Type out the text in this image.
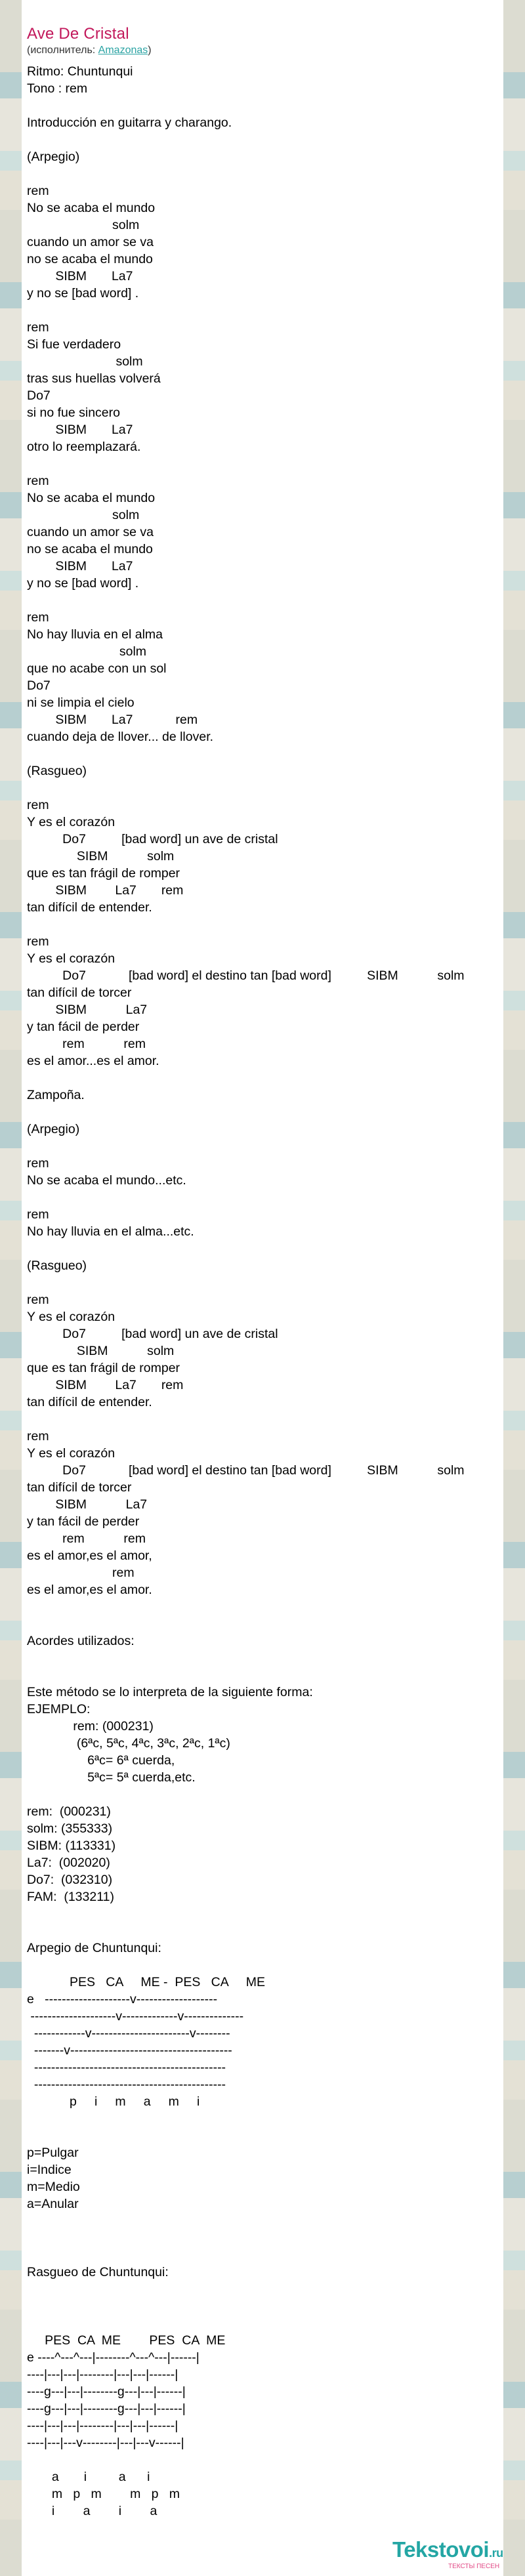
Ave De Cristal
(исполнитель: Amazonas)
Ritmo: Chuntunqui
Tono : rem

Introducción en guitarra y charango.

(Arpegio)

rem
No se acaba el mundo
solm
cuando un amor se va
no se acaba el mundo
SIBM       La7
y no se [bad word] .

rem
Si fue verdadero
solm
tras sus huellas volverá
Do7
si no fue sincero
SIBM       La7
otro lo reemplazará.

rem
No se acaba el mundo
solm
cuando un amor se va
no se acaba el mundo
SIBM       La7
y no se [bad word] .

rem
No hay lluvia en el alma
solm
que no acabe con un sol
Do7
ni se limpia el cielo
SIBM       La7            rem
cuando deja de llover... de llover.

(Rasgueo)

rem
Y es el corazón
Do7          [bad word] un ave de cristal
SIBM           solm
que es tan frágil de romper
SIBM        La7       rem
tan difícil de entender.

rem
Y es el corazón
Do7            [bad word] el destino tan [bad word]          SIBM           solm
tan difícil de torcer
SIBM           La7
y tan fácil de perder
rem           rem
es el amor...es el amor.

Zampoña.

(Arpegio)

rem
No se acaba el mundo...etc.

rem
No hay lluvia en el alma...etc.

(Rasgueo)

rem
Y es el corazón
Do7          [bad word] un ave de cristal
SIBM           solm
que es tan frágil de romper
SIBM        La7       rem
tan difícil de entender.

rem
Y es el corazón
Do7            [bad word] el destino tan [bad word]          SIBM           solm
tan difícil de torcer
SIBM           La7
y tan fácil de perder
rem           rem
es el amor,es el amor,
rem
es el amor,es el amor.

Acordes utilizados:

Este método se lo interpreta de la siguiente forma:
EJEMPLO:
rem: (000231)
(6ªc, 5ªc, 4ªc, 3ªc, 2ªc, 1ªc)
6ªc= 6ª cuerda,
5ªc= 5ª cuerda,etc.

rem:  (000231)
solm: (355333)
SIBM: (113331)
La7:  (002020)
Do7:  (032310)
FAM:  (133211)

Arpegio de Chuntunqui:

PES   CA     ME -  PES   CA     ME
e   --------------------v-------------------
--------------------v-------------v--------------
------------v-----------------------v--------
-------v--------------------------------------
---------------------------------------------
---------------------------------------------
p     i     m     a     m     i

p=Pulgar
i=Indice
m=Medio
a=Anular

Rasgueo de Chuntunqui:

PES  CA  ME        PES  CA  ME
e ----^---^---|--------^---^---|------|
----|---|---|--------|---|---|------|
----g---|---|--------g---|---|------|
----g---|---|--------g---|---|------|
----|---|---|--------|---|---|------|
----|---|---v--------|---|---v------|

a       i         a      i
m   p   m        m   p   m
i        a        i        a
Tekstovoi.ru
ТЕКСТЫ ПЕСЕН
